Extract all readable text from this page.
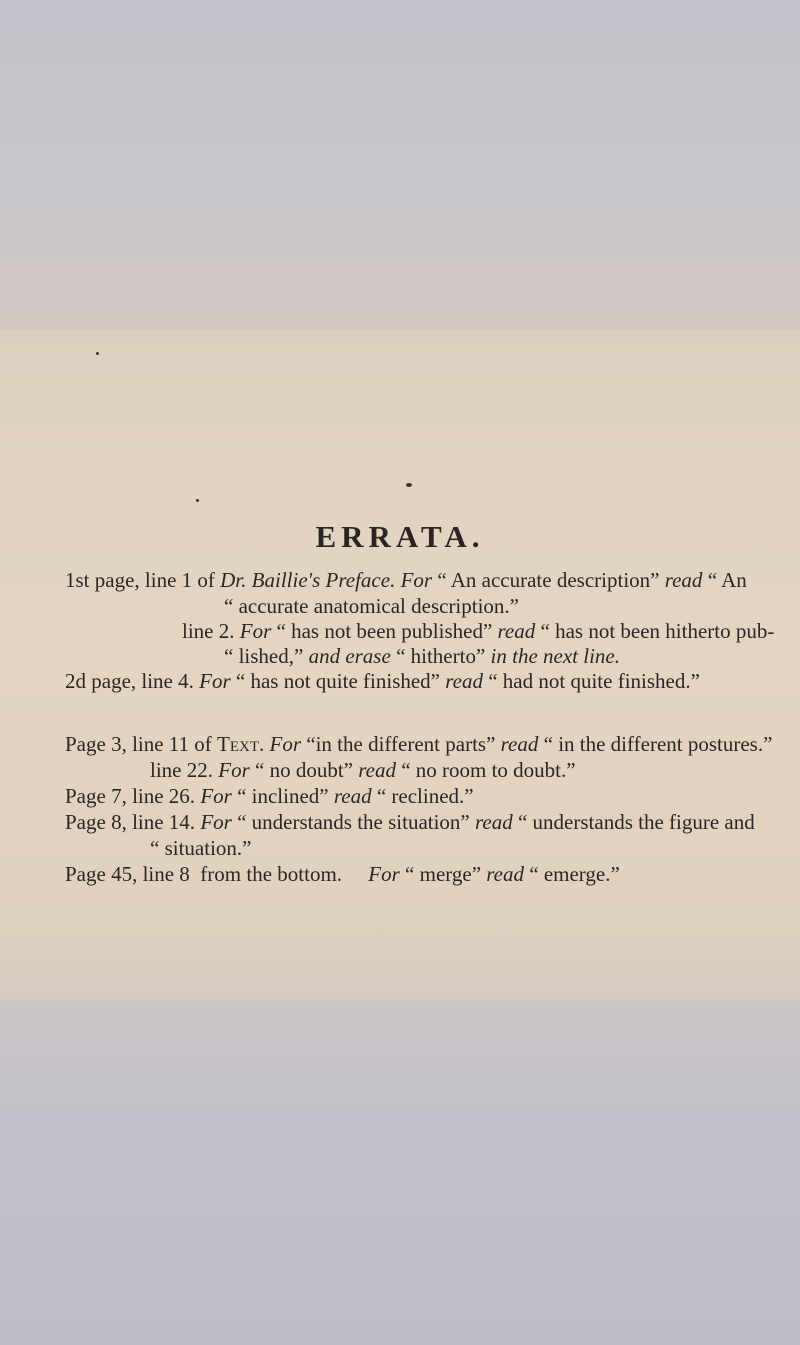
ERRATA.
1st page, line 1 of Dr. Baillie's Preface. For “ An accurate description” read “ An
“ accurate anatomical description.”
line 2. For “ has not been published” read “ has not been hitherto pub-
“ lished,” and erase “ hitherto” in the next line.
2d page, line 4. For “ has not quite finished” read “ had not quite finished.”
Page 3, line 11 of Text. For “in the different parts” read “ in the different postures.”
line 22. For “ no doubt” read “ no room to doubt.”
Page 7, line 26. For “ inclined” read “ reclined.”
Page 8, line 14. For “ understands the situation” read “ understands the figure and
“ situation.”
Page 45, line 8  from the bottom. For “ merge” read “ emerge.”
